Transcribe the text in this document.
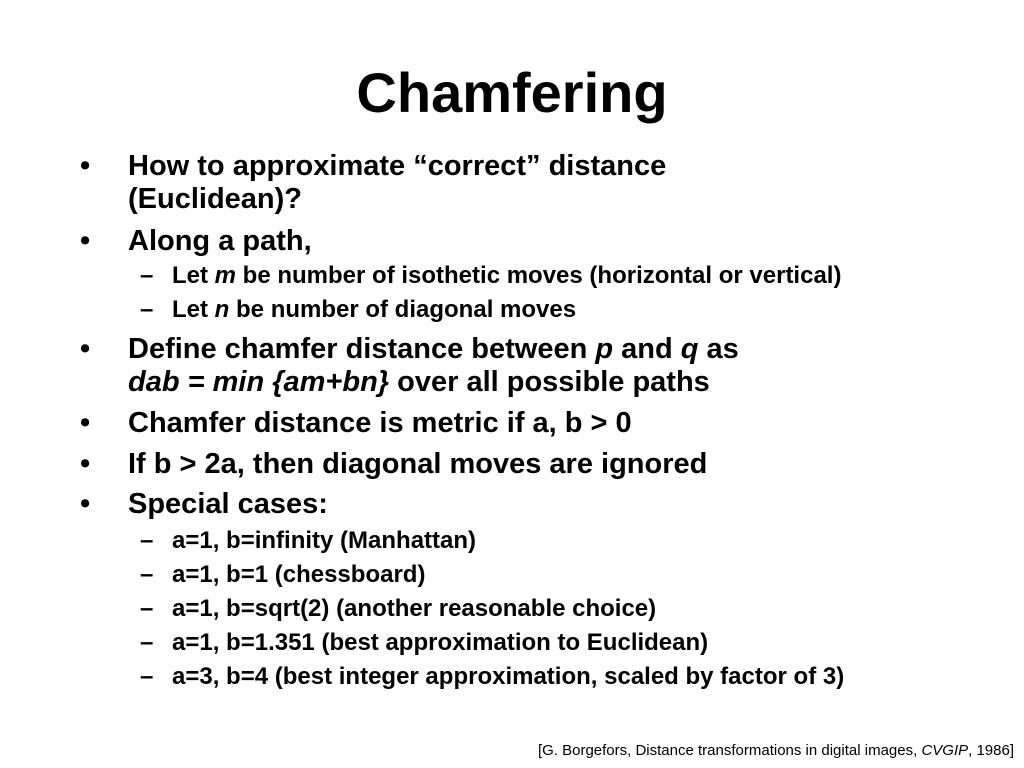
Chamfering
•	How to approximate “correct” distance
(Euclidean)?
•	Along a path,
– Let m be number of isothetic moves (horizontal or vertical)
– Let n be number of diagonal moves
•	Define chamfer distance between p and q as
dab = min {am+bn} over all possible paths
•	Chamfer distance is metric if a, b > 0
•	If b > 2a, then diagonal moves are ignored
•	Special cases:
– a=1, b=infinity (Manhattan)
– a=1, b=1 (chessboard)
– a=1, b=sqrt(2) (another reasonable choice)
– a=1, b=1.351 (best approximation to Euclidean)
– a=3, b=4 (best integer approximation, scaled by factor of 3)
[G. Borgefors, Distance transformations in digital images, CVGIP, 1986]
